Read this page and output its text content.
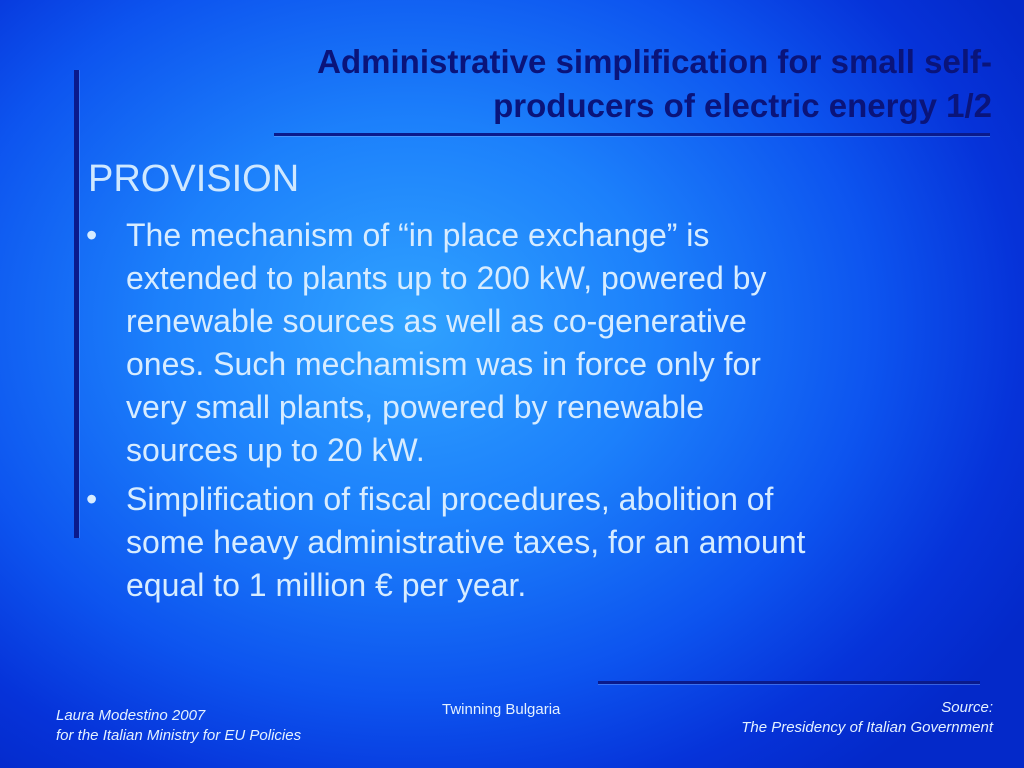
Administrative simplification for small self-
producers of electric energy 1/2
PROVISION
• The mechanism of “in place exchange” is
extended to plants up to 200 kW, powered by
renewable sources as well as co-generative
ones. Such mechamism was in force only for
very small plants, powered by renewable
sources up to 20 kW.
• Simplification of fiscal procedures, abolition of
some heavy administrative taxes, for an amount
equal to 1 million € per year.
Laura Modestino 2007
for the Italian Ministry for EU Policies
Twinning Bulgaria	Source:
The Presidency of Italian Government
